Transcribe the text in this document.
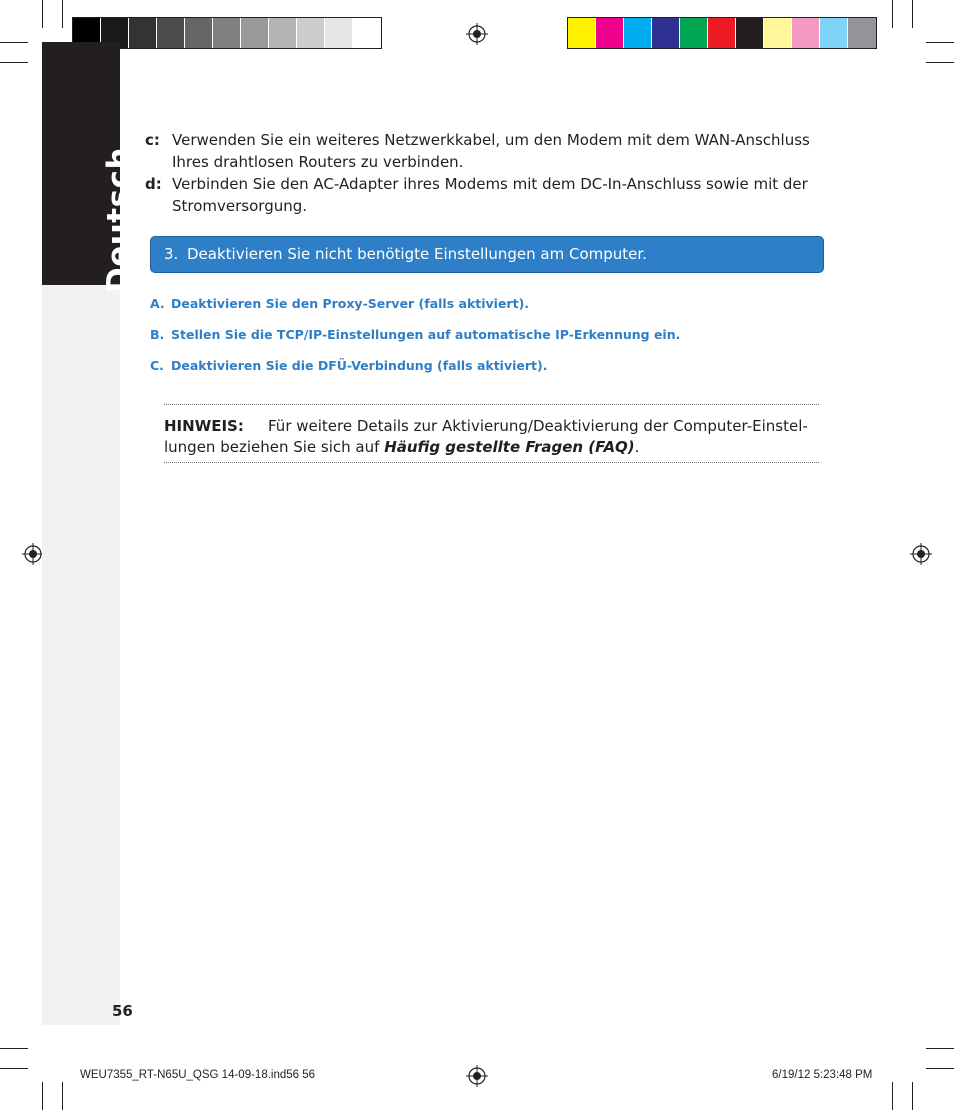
Deutsch
c: Verwenden Sie ein weiteres Netzwerkkabel, um den Modem mit dem WAN-Anschluss Ihres drahtlosen Routers zu verbinden.
d: Verbinden Sie den AC-Adapter ihres Modems mit dem DC-In-Anschluss sowie mit der Stromversorgung.
3. Deaktivieren Sie nicht benötigte Einstellungen am Computer.
A. Deaktivieren Sie den Proxy-Server (falls aktiviert).
B. Stellen Sie die TCP/IP-Einstellungen auf automatische IP-Erkennung ein.
C. Deaktivieren Sie die DFÜ-Verbindung (falls aktiviert).
HINWEIS: Für weitere Details zur Aktivierung/Deaktivierung der Computer-Einstel-lungen beziehen Sie sich auf Häufig gestellte Fragen (FAQ).
56
WEU7355_RT-N65U_QSG 14-09-18.ind56 56	6/19/12 5:23:48 PM
